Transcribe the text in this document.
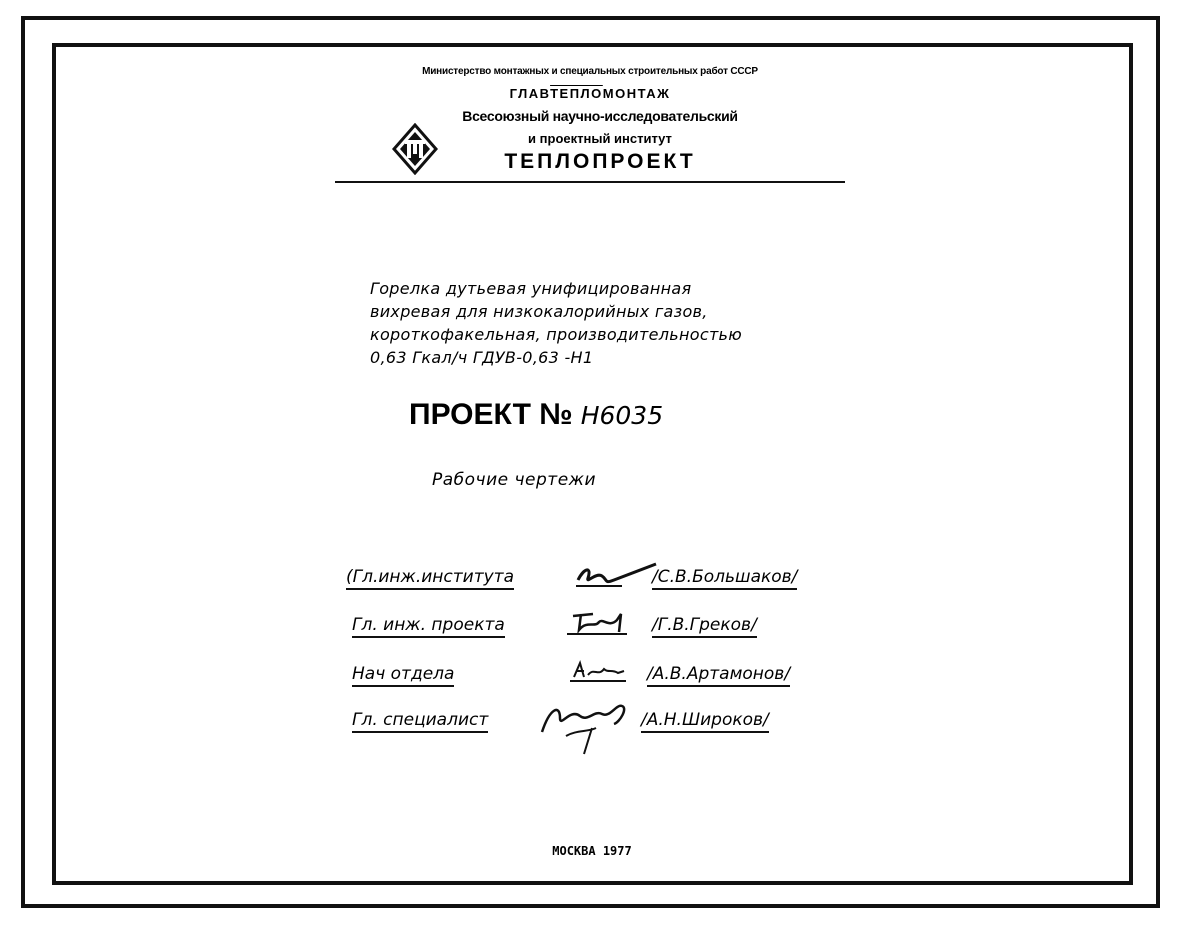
Министерство монтажных и специальных строительных работ СССР
ГЛАВТЕПЛОМОНТАЖ
Всесоюзный научно-исследовательский
и проектный институт
ТЕПЛОПРОЕКТ
Горелка дутьевая унифицированная
вихревая для низкокалорийных газов,
короткофакельная, производительностью
0,63 Гкал/ч ГДУВ-0,63 -Н1
ПРОЕКТ № Н6035
Рабочие чертежи
(Гл.инж.института	/С.В.Большаков/
Гл. инж. проекта	/Г.В.Греков/
Нач отдела	/А.В.Артамонов/
Гл. специалист	/А.Н.Широков/
МОСКВА 1977
